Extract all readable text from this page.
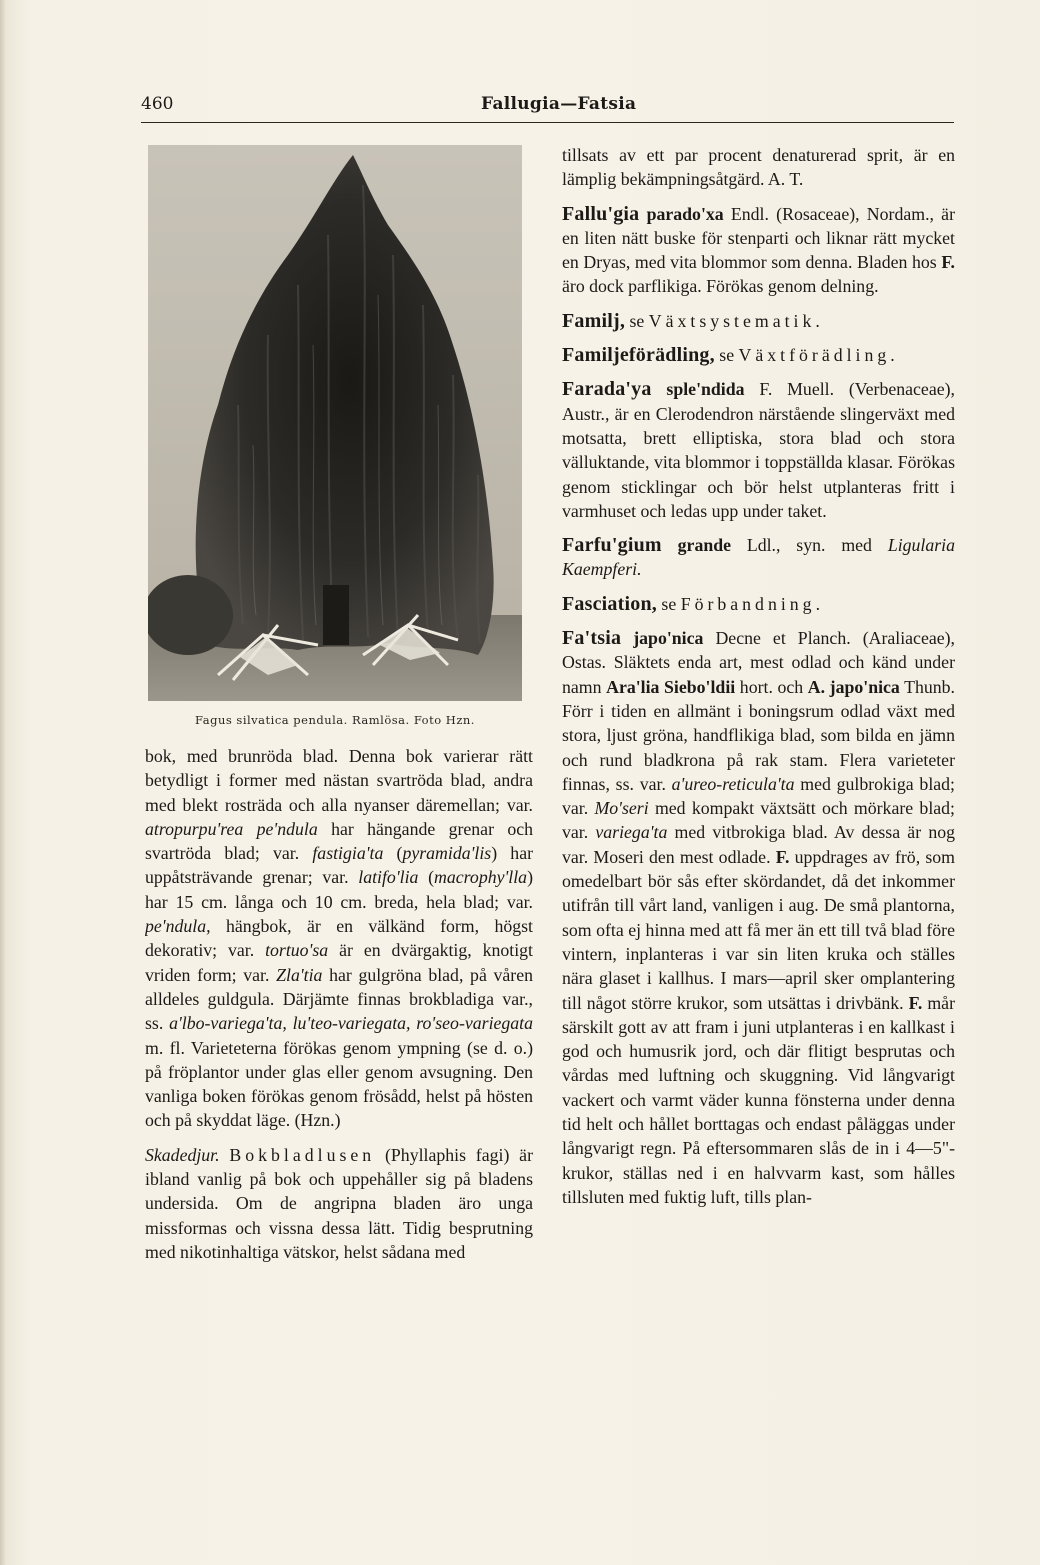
460	Fallugia—Fatsia
Fagus silvatica pendula. Ramlösa. Foto Hzn.

bok, med brunröda blad. Denna bok varierar rätt betydligt i former med nästan svartröda blad, andra med blekt rosträda och alla nyanser däremellan; var. atropurpu'rea pe'ndula har hängande grenar och svartröda blad; var. fastigia'ta (pyramida'lis) har uppåtsträvande grenar; var. latifo'lia (macrophy'lla) har 15 cm. långa och 10 cm. breda, hela blad; var. pe'ndula, hängbok, är en välkänd form, högst dekorativ; var. tortuo'sa är en dvärgaktig, knotigt vriden form; var. Zla'tia har gulgröna blad, på våren alldeles guldgula. Därjämte finnas brokbladiga var., ss. a'lbo-variega'ta, lu'teo-variegata, ro'seo-variegata m. fl. Varieteterna förökas genom ympning (se d. o.) på fröplantor under glas eller genom avsugning. Den vanliga boken förökas genom frösådd, helst på hösten och på skyddat läge. (Hzn.)

Skadedjur. Bokbladlusen (Phyllaphis fagi) är ibland vanlig på bok och uppehåller sig på bladens undersida. Om de angripna bladen äro unga missformas och vissna dessa lätt. Tidig besprutning med nikotinhaltiga vätskor, helst sådana med

tillsats av ett par procent denaturerad sprit, är en lämplig bekämpningsåtgärd. A. T.

Fallu'gia parado'xa Endl. (Rosaceae), Nordam., är en liten nätt buske för stenparti och liknar rätt mycket en Dryas, med vita blommor som denna. Bladen hos F. äro dock parflikiga. Förökas genom delning.

Familj, se Växtsystematik.

Familjeförädling, se Växtförädling.

Farada'ya sple'ndida F. Muell. (Verbenaceae), Austr., är en Clerodendron närstående slingerväxt med motsatta, brett elliptiska, stora blad och stora välluktande, vita blommor i toppställda klasar. Förökas genom sticklingar och bör helst utplanteras fritt i varmhuset och ledas upp under taket.

Farfu'gium grande Ldl., syn. med Ligularia Kaempferi.

Fasciation, se Förbandning.

Fa'tsia japo'nica Decne et Planch. (Araliaceae), Ostas. Släktets enda art, mest odlad och känd under namn Ara'lia Siebo'ldii hort. och A. japo'nica Thunb. Förr i tiden en allmänt i boningsrum odlad växt med stora, ljust gröna, handflikiga blad, som bilda en jämn och rund bladkrona på rak stam. Flera varieteter finnas, ss. var. a'ureo-reticula'ta med gulbrokiga blad; var. Mo'seri med kompakt växtsätt och mörkare blad; var. variega'ta med vitbrokiga blad. Av dessa är nog var. Moseri den mest odlade. F. uppdrages av frö, som omedelbart bör sås efter skördandet, då det inkommer utifrån till vårt land, vanligen i aug. De små plantorna, som ofta ej hinna med att få mer än ett till två blad före vintern, inplanteras i var sin liten kruka och ställes nära glaset i kallhus. I mars—april sker omplantering till något större krukor, som utsättas i drivbänk. F. mår särskilt gott av att fram i juni utplanteras i en kallkast i god och humusrik jord, och där flitigt besprutas och vårdas med luftning och skuggning. Vid långvarigt vackert och varmt väder kunna fönsterna under denna tid helt och hållet borttagas och endast påläggas under långvarigt regn. På eftersommaren slås de in i 4—5"-krukor, ställas ned i en halvvarm kast, som hålles tillsluten med fuktig luft, tills plan-
